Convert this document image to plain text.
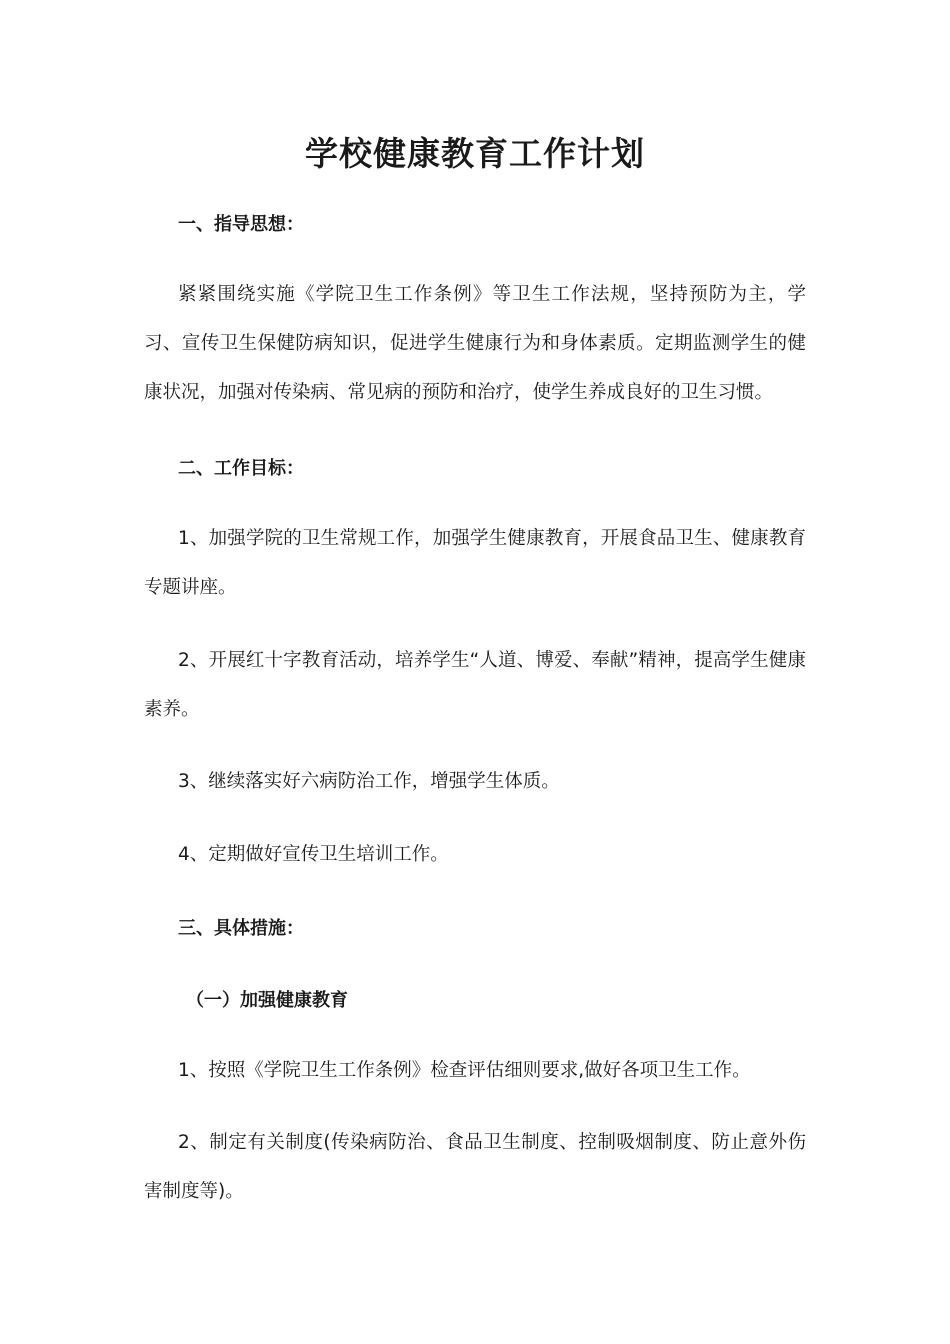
学校健康教育工作计划
一、指导思想：

紧紧围绕实施《学院卫生工作条例》等卫生工作法规，坚持预防为主，学习、宣传卫生保健防病知识，促进学生健康行为和身体素质。定期监测学生的健康状况，加强对传染病、常见病的预防和治疗，使学生养成良好的卫生习惯。

二、工作目标：

1、加强学院的卫生常规工作，加强学生健康教育，开展食品卫生、健康教育专题讲座。

2、开展红十字教育活动，培养学生“人道、博爱、奉献”精神，提高学生健康素养。

3、继续落实好六病防治工作，增强学生体质。

4、定期做好宣传卫生培训工作。

三、具体措施：
（一）加强健康教育

1、按照《学院卫生工作条例》检查评估细则要求,做好各项卫生工作。

2、制定有关制度(传染病防治、食品卫生制度、控制吸烟制度、防止意外伤害制度等)。
